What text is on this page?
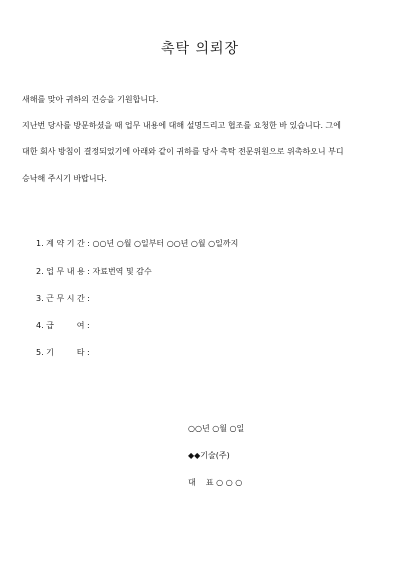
촉탁 의뢰장
새해를 맞아 귀하의 건승을 기원합니다.
지난번 당사를 방문하셨을 때 업무 내용에 대해 설명드리고 협조를 요청한 바 있습니다. 그에
대한 회사 방침이 결정되었기에 아래와 같이 귀하를 당사 촉탁 전문위원으로 위촉하오니 부디
승낙해 주시기 바랍니다.
1. 계 약 기 간 : ○○년 ○월 ○일부터 ○○년 ○월 ○일까지
2. 업 무 내 용 : 자료번역 및 감수
3. 근 무 시 간 :
4. 급         여 :
5. 기         타 :
○○년 ○월 ○일
◆◆기술(주)
대    표 ○ ○ ○
